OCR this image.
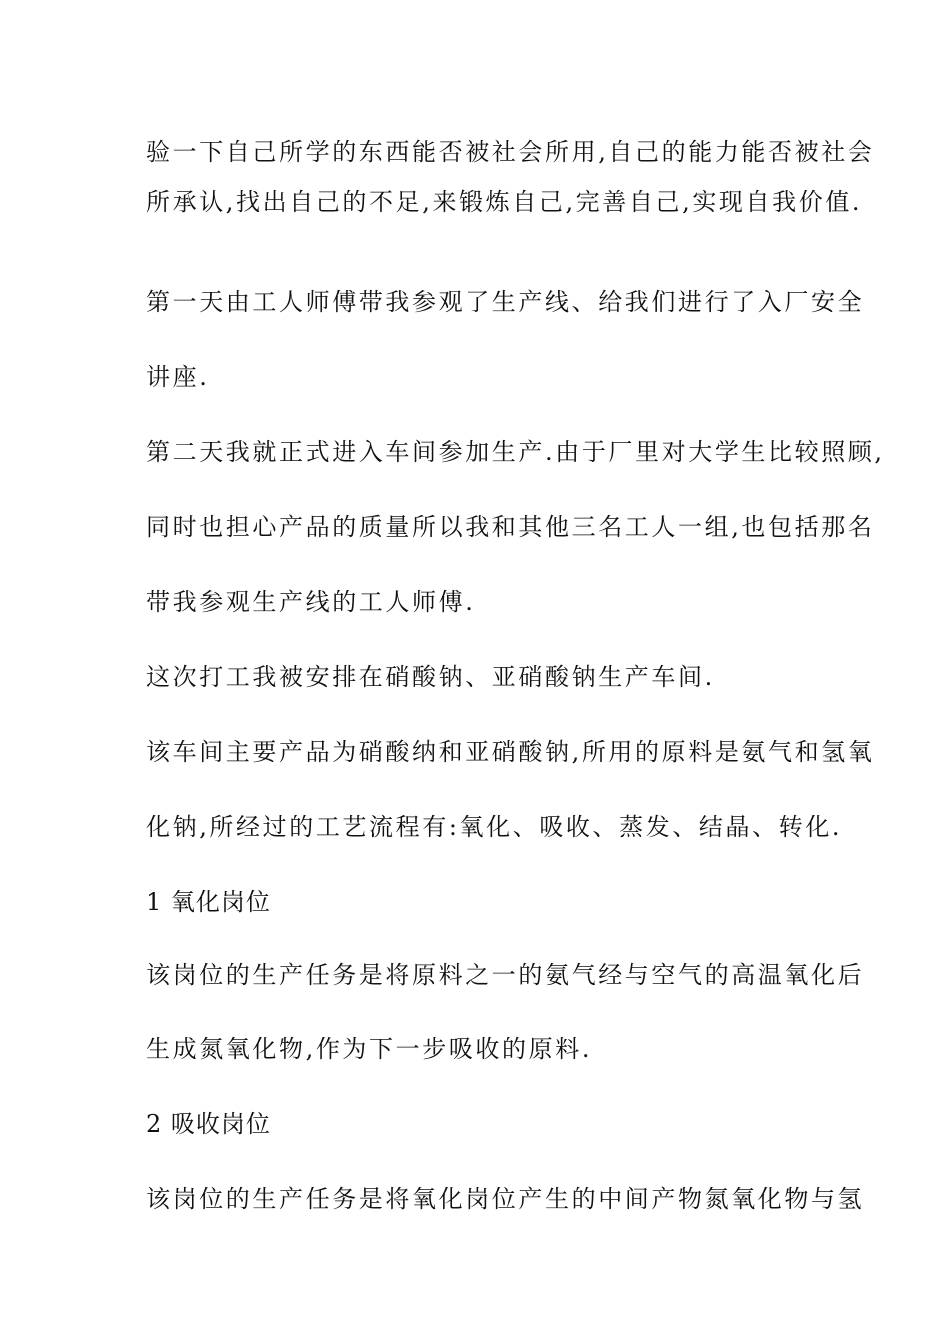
验一下自己所学的东西能否被社会所用,自己的能力能否被社会
所承认,找出自己的不足,来锻炼自己,完善自己,实现自我价值.
第一天由工人师傅带我参观了生产线、给我们进行了入厂安全
讲座.
第二天我就正式进入车间参加生产.由于厂里对大学生比较照顾,
同时也担心产品的质量所以我和其他三名工人一组,也包括那名
带我参观生产线的工人师傅.
这次打工我被安排在硝酸钠、亚硝酸钠生产车间.
该车间主要产品为硝酸纳和亚硝酸钠,所用的原料是氨气和氢氧
化钠,所经过的工艺流程有:氧化、吸收、蒸发、结晶、转化.
1 氧化岗位
该岗位的生产任务是将原料之一的氨气经与空气的高温氧化后
生成氮氧化物,作为下一步吸收的原料.
2 吸收岗位
该岗位的生产任务是将氧化岗位产生的中间产物氮氧化物与氢
